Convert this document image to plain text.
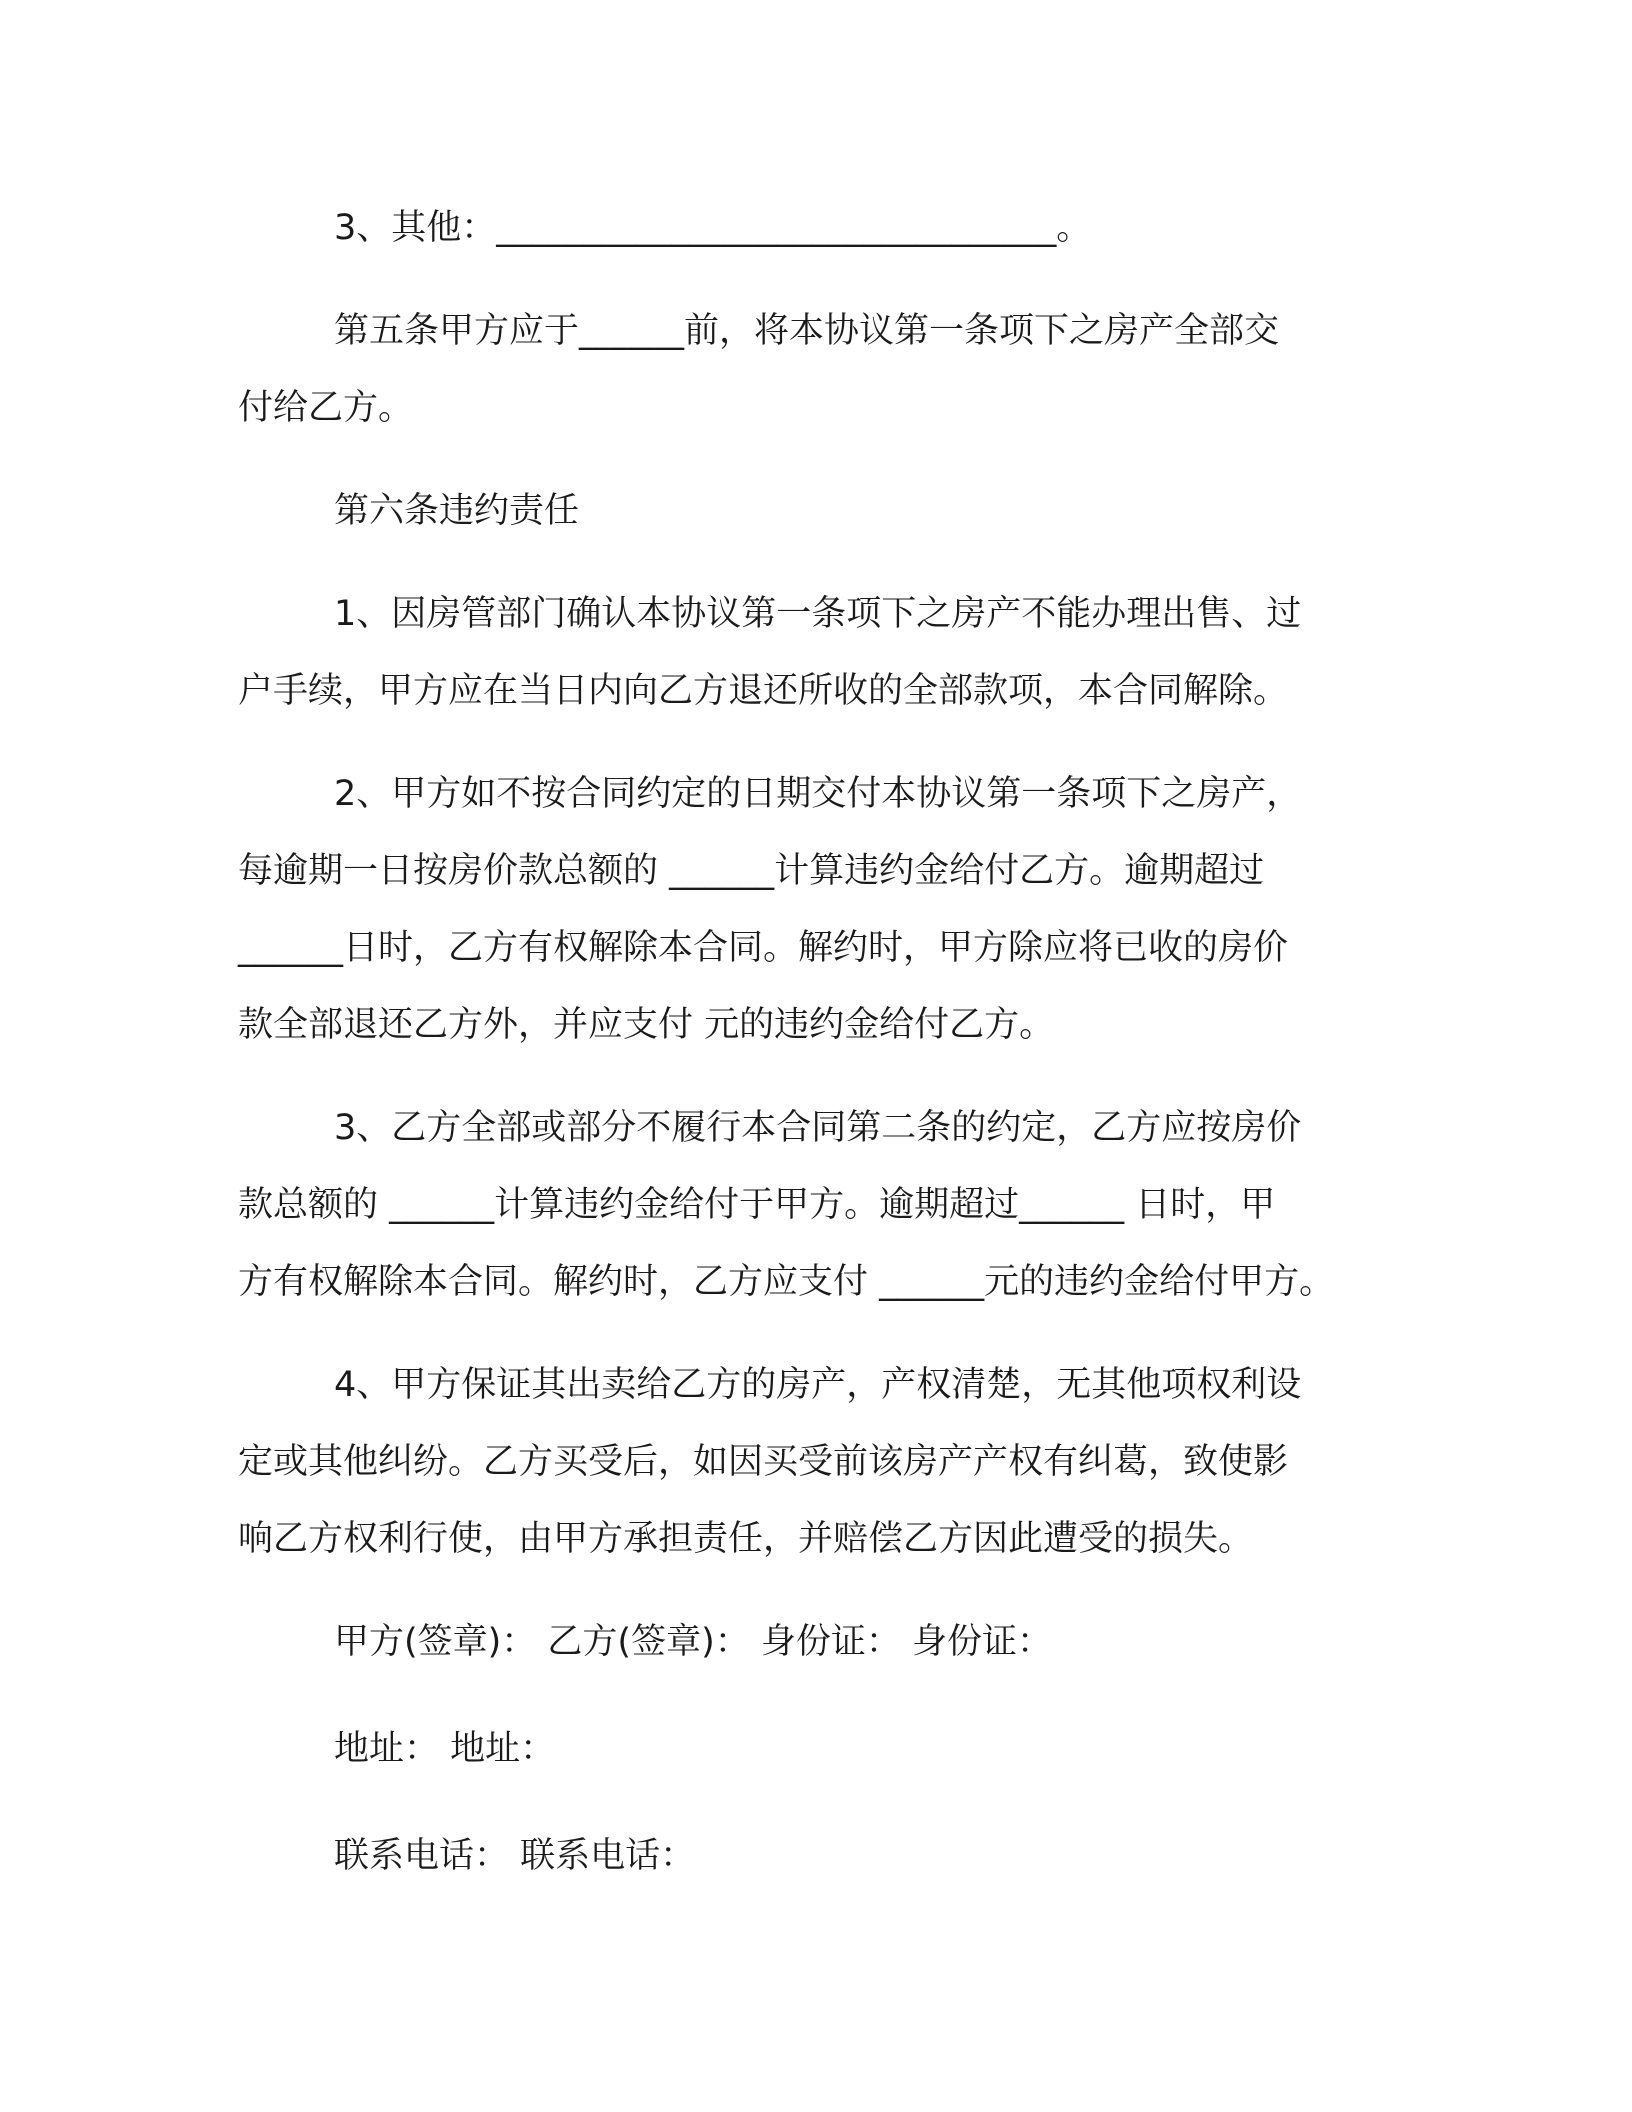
3、其他：________________________________。

第五条甲方应于______前，将本协议第一条项下之房产全部交

付给乙方。

第六条违约责任

1、因房管部门确认本协议第一条项下之房产不能办理出售、过

户手续，甲方应在当日内向乙方退还所收的全部款项，本合同解除。

2、甲方如不按合同约定的日期交付本协议第一条项下之房产，

每逾期一日按房价款总额的 ______计算违约金给付乙方。逾期超过

______日时，乙方有权解除本合同。解约时，甲方除应将已收的房价

款全部退还乙方外，并应支付 元的违约金给付乙方。

3、乙方全部或部分不履行本合同第二条的约定，乙方应按房价

款总额的 ______计算违约金给付于甲方。逾期超过______ 日时，甲

方有权解除本合同。解约时，乙方应支付 ______元的违约金给付甲方。

4、甲方保证其出卖给乙方的房产，产权清楚，无其他项权利设

定或其他纠纷。乙方买受后，如因买受前该房产产权有纠葛，致使影

响乙方权利行使，由甲方承担责任，并赔偿乙方因此遭受的损失。

甲方(签章)： 乙方(签章)： 身份证： 身份证：

地址： 地址：

联系电话： 联系电话：
